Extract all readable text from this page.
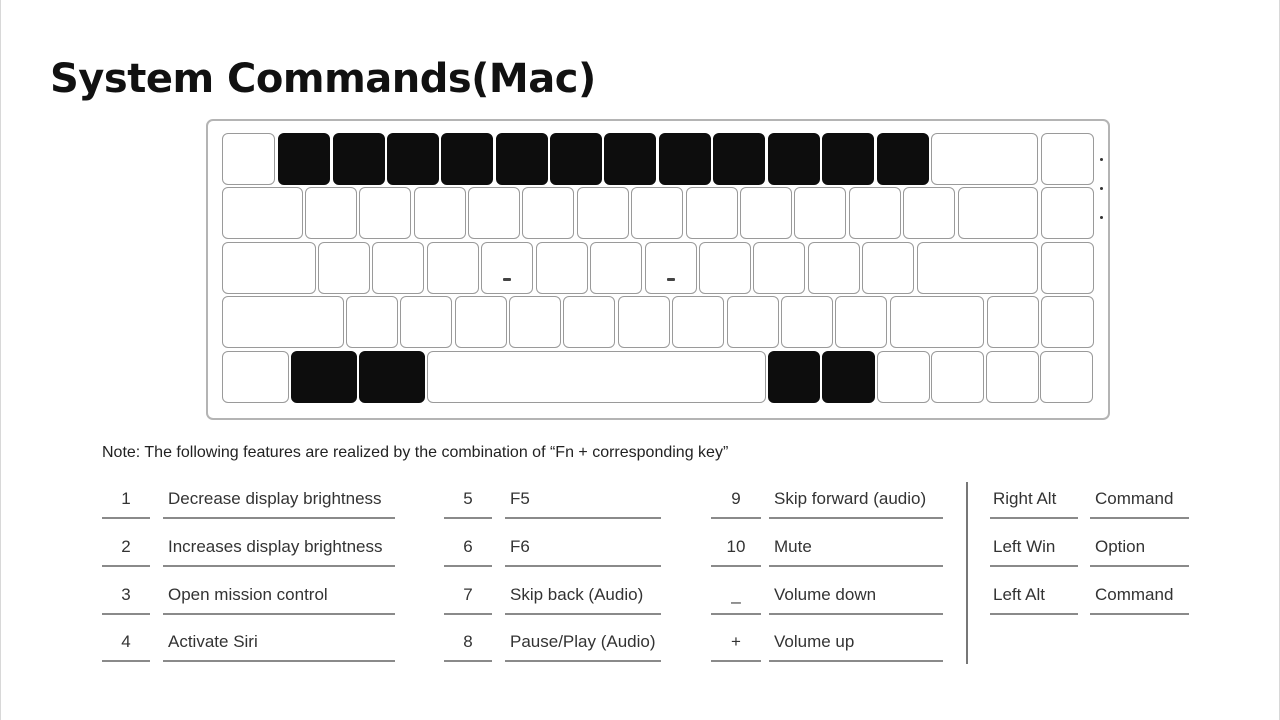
System Commands(Mac)
Note: The following features are realized by the combination of “Fn + corresponding key”
1	Decrease display brightness
2	Increases display brightness
3	Open mission control
4	Activate Siri
5	F5
6	F6
7	Skip back (Audio)
8	Pause/Play (Audio)
9	Skip forward (audio)
10	Mute
_	Volume down
+	Volume up
Right Alt	Command
Left Win	Option
Left Alt	Command
